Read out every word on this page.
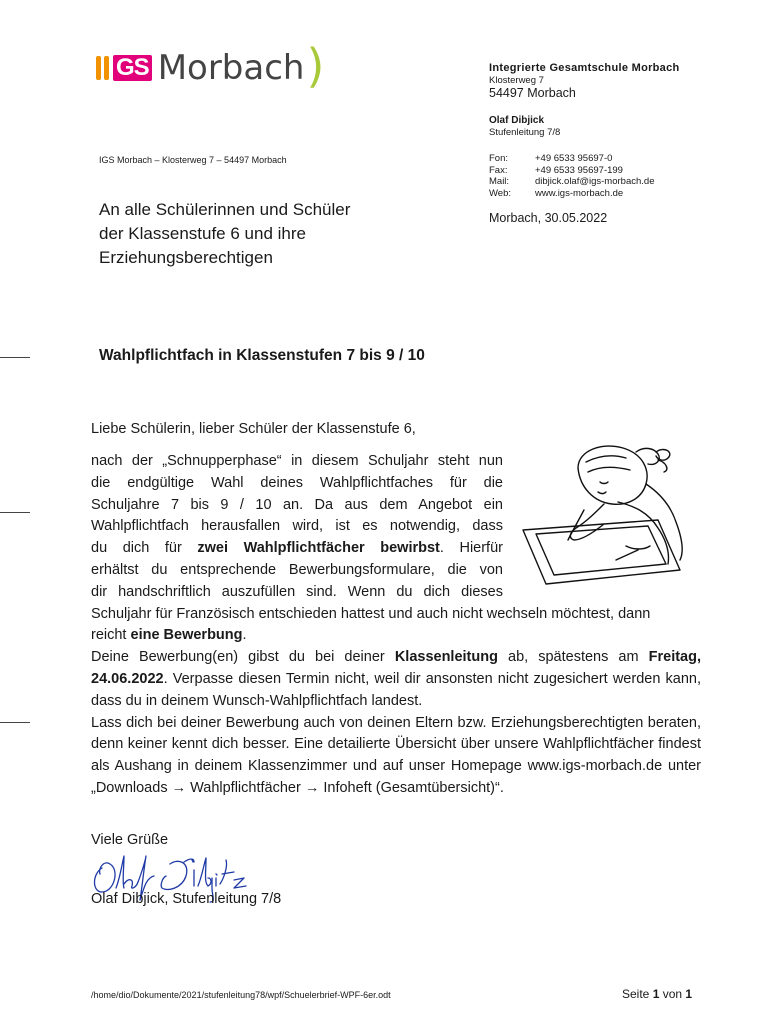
GS Morbach )	Integrierte Gesamtschule Morbach
Klosterweg 7
54497 Morbach
Olaf Dibjick
Stufenleitung 7/8
Fon:	+49 6533 95697-0
Fax:	+49 6533 95697-199
Mail:	dibjick.olaf@igs-morbach.de
Web:	www.igs-morbach.de
IGS Morbach – Klosterweg 7 – 54497 Morbach
Morbach, 30.05.2022
An alle Schülerinnen und Schüler
der Klassenstufe 6 und ihre
Erziehungsberechtigen
Wahlpflichtfach in Klassenstufen 7 bis 9 / 10
Liebe Schülerin, lieber Schüler der Klassenstufe 6,
nach der „Schnupperphase“ in diesem Schuljahr steht nun
die endgültige Wahl deines Wahlpflichtfaches für die
Schuljahre 7 bis 9 / 10 an. Da aus dem Angebot ein
Wahlpflichtfach herausfallen wird, ist es notwendig, dass
du dich für zwei Wahlpflichtfächer bewirbst. Hierfür
erhältst du entsprechende Bewerbungsformulare, die von
dir handschriftlich auszufüllen sind. Wenn du dich dieses
Schuljahr für Französisch entschieden hattest und auch nicht wechseln möchtest, dann
reicht eine Bewerbung.

Deine Bewerbung(en) gibst du bei deiner Klassenleitung ab, spätestens am Freitag, 24.06.2022. Verpasse diesen Termin nicht, weil dir ansonsten nicht zugesichert werden kann, dass du in deinem Wunsch-Wahlpflichtfach landest.

Lass dich bei deiner Bewerbung auch von deinen Eltern bzw. Erziehungsberechtigten beraten, denn keiner kennt dich besser. Eine detailierte Übersicht über unsere Wahlpflichtfächer findest als Aushang in deinem Klassenzimmer und auf unser Homepage www.igs-morbach.de unter „Downloads → Wahlpflichtfächer → Infoheft (Gesamtübersicht)“.

Viele Grüße
Olaf Dibjick, Stufenleitung 7/8
/home/dio/Dokumente/2021/stufenleitung78/wpf/Schuelerbrief-WPF-6er.odt	Seite 1 von 1
